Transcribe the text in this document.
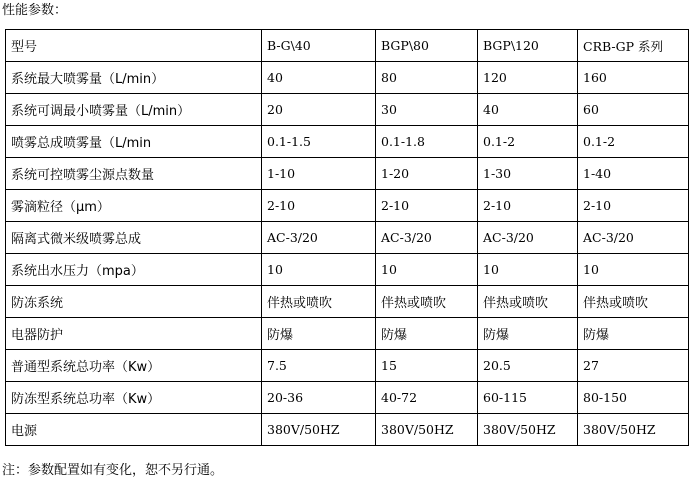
性能参数：
型号	B-G\40	BGP\80	BGP\120	CRB-GP 系列
系统最大喷雾量（L/min）	40	80	120	160
系统可调最小喷雾量（L/min）	20	30	40	60
喷雾总成喷雾量（L/min	0.1-1.5	0.1-1.8	0.1-2	0.1-2
系统可控喷雾尘源点数量	1-10	1-20	1-30	1-40
雾滴粒径（μm）	2-10	2-10	2-10	2-10
隔离式微米级喷雾总成	AC-3/20	AC-3/20	AC-3/20	AC-3/20
系统出水压力（mpa）	10	10	10	10
防冻系统	伴热或喷吹	伴热或喷吹	伴热或喷吹	伴热或喷吹
电器防护	防爆	防爆	防爆	防爆
普通型系统总功率（Kw）	7.5	15	20.5	27
防冻型系统总功率（Kw）	20-36	40-72	60-115	80-150
电源	380V/50HZ	380V/50HZ	380V/50HZ	380V/50HZ
注：参数配置如有变化，恕不另行通。
